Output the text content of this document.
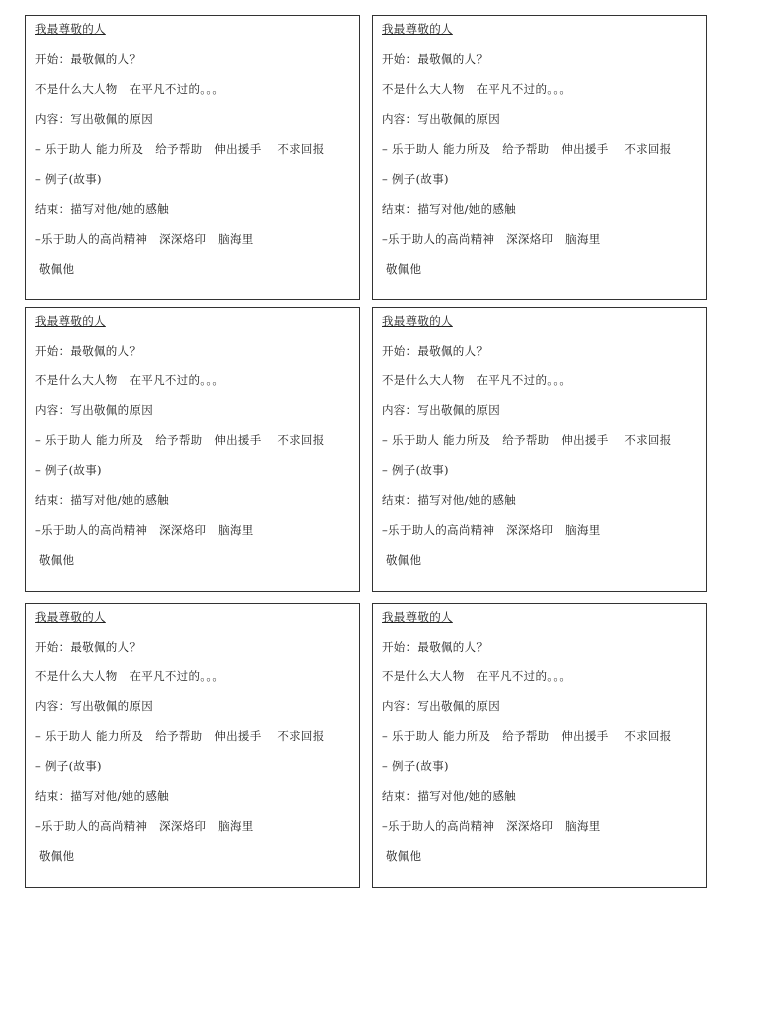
我最尊敬的人
开始：最敬佩的人？
不是什么大人物   在平凡不过的。。。
内容：写出敬佩的原因
– 乐于助人 能力所及   给予帮助   伸出援手    不求回报
– 例子(故事)
结束：描写对他/她的感触
–乐于助人的高尚精神   深深烙印   脑海里
敬佩他
我最尊敬的人
开始：最敬佩的人？
不是什么大人物   在平凡不过的。。。
内容：写出敬佩的原因
– 乐于助人 能力所及   给予帮助   伸出援手    不求回报
– 例子(故事)
结束：描写对他/她的感触
–乐于助人的高尚精神   深深烙印   脑海里
敬佩他
我最尊敬的人
开始：最敬佩的人？
不是什么大人物   在平凡不过的。。。
内容：写出敬佩的原因
– 乐于助人 能力所及   给予帮助   伸出援手    不求回报
– 例子(故事)
结束：描写对他/她的感触
–乐于助人的高尚精神   深深烙印   脑海里
敬佩他
我最尊敬的人
开始：最敬佩的人？
不是什么大人物   在平凡不过的。。。
内容：写出敬佩的原因
– 乐于助人 能力所及   给予帮助   伸出援手    不求回报
– 例子(故事)
结束：描写对他/她的感触
–乐于助人的高尚精神   深深烙印   脑海里
敬佩他
我最尊敬的人
开始：最敬佩的人？
不是什么大人物   在平凡不过的。。。
内容：写出敬佩的原因
– 乐于助人 能力所及   给予帮助   伸出援手    不求回报
– 例子(故事)
结束：描写对他/她的感触
–乐于助人的高尚精神   深深烙印   脑海里
敬佩他
我最尊敬的人
开始：最敬佩的人？
不是什么大人物   在平凡不过的。。。
内容：写出敬佩的原因
– 乐于助人 能力所及   给予帮助   伸出援手    不求回报
– 例子(故事)
结束：描写对他/她的感触
–乐于助人的高尚精神   深深烙印   脑海里
敬佩他
